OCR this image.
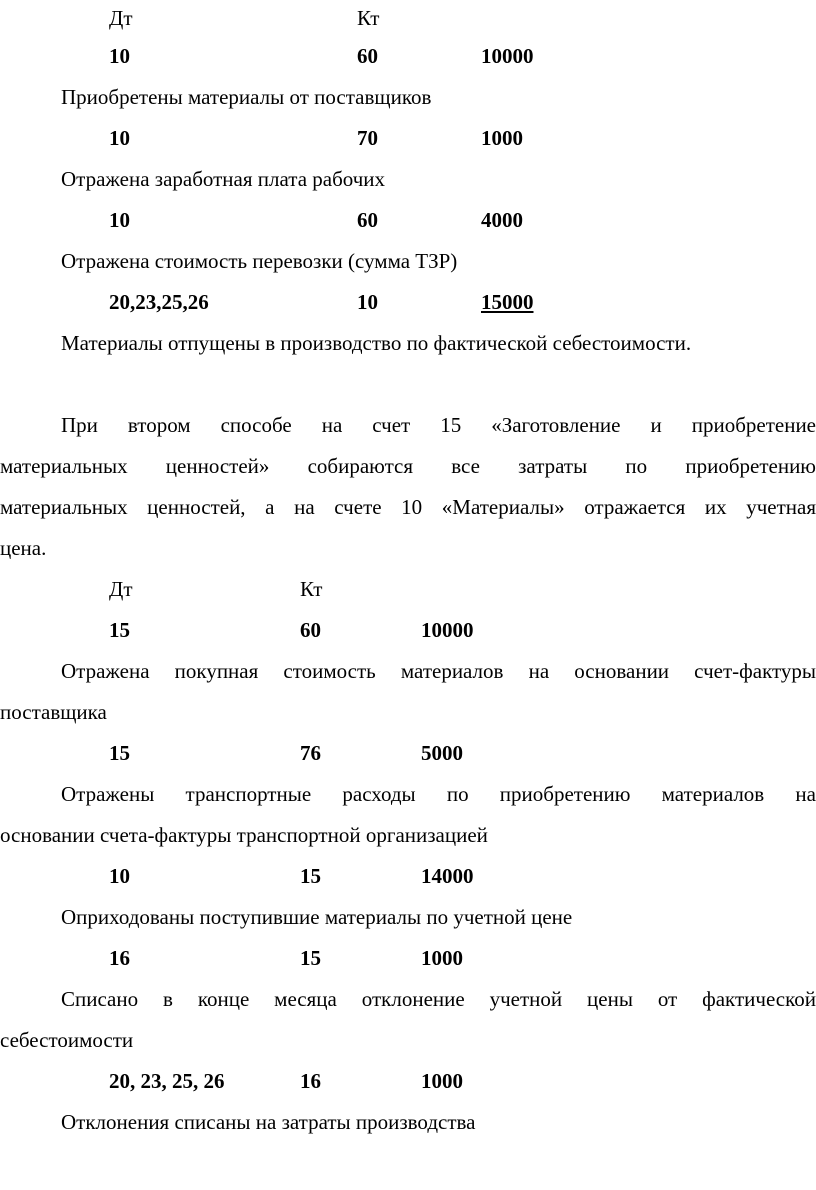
Дт	Кт
10	60	10000
Приобретены материалы от поставщиков
10	70	1000
Отражена заработная плата рабочих
10	60	4000
Отражена стоимость перевозки (сумма ТЗР)
20,23,25,26	10	15000
Материалы отпущены в производство по фактической себестоимости.
При втором способе на счет 15 «Заготовление и приобретение
материальных ценностей» собираются все затраты по приобретению
материальных ценностей, а на счете 10 «Материалы» отражается их учетная
цена.
Дт	Кт
15	60	10000
Отражена покупная стоимость материалов на основании счет-фактуры
поставщика
15	76	5000
Отражены транспортные расходы по приобретению материалов на
основании счета-фактуры транспортной организацией
10	15	14000
Оприходованы поступившие материалы по учетной цене
16	15	1000
Списано в конце месяца отклонение учетной цены от фактической
себестоимости
20, 23, 25, 26	16	1000
Отклонения списаны на затраты производства
